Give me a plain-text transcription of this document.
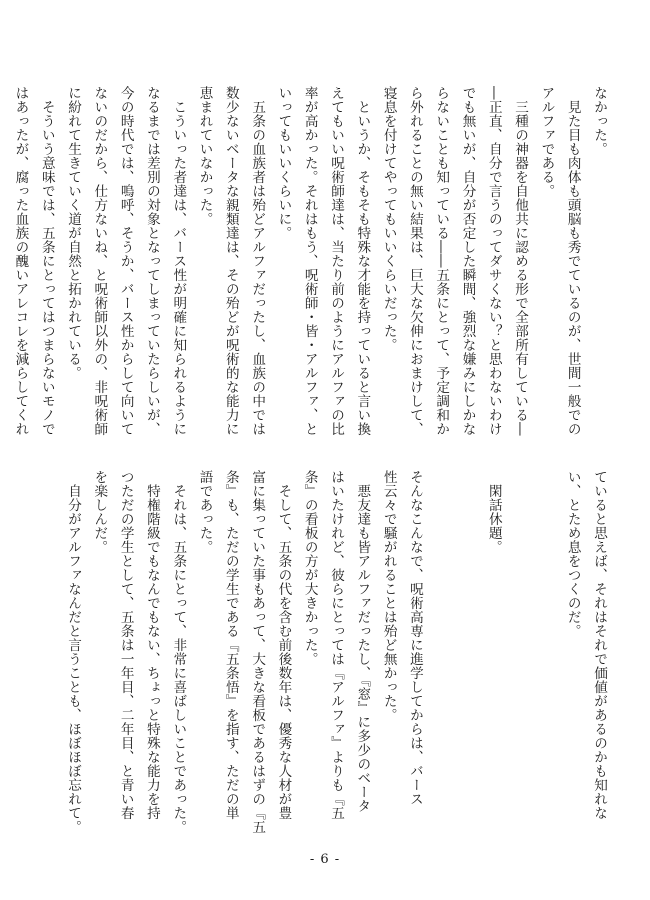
なかった。
　見た目も肉体も頭脳も秀でているのが、世間一般での
アルファである。
　三種の神器を自他共に認める形で全部所有している―
―正直、自分で言うのってダサくない？と思わないわけ
でも無いが、自分が否定した瞬間、強烈な嫌みにしかな
らないことも知っている――五条にとって、予定調和か
ら外れることの無い結果は、巨大な欠伸におまけして、
寝息を付けてやってもいいくらいだった。
　というか、そもそも特殊な才能を持っていると言い換
えてもいい呪術師達は、当たり前のようにアルファの比
率が高かった。それはもう、呪術師・皆・アルファ、と
いってもいいくらいに。
　五条の血族者は殆どアルファだったし、血族の中では
数少ないベータな親類達は、その殆どが呪術的な能力に
恵まれていなかった。
　こういった者達は、バース性が明確に知られるように
なるまでは差別の対象となってしまっていたらしいが、
今の時代では、嗚呼、そうか、バース性からして向いて
ないのだから、仕方ないね、と呪術師以外の、非呪術師
に紛れて生きていく道が自然と拓かれている。
　そういう意味では、五条にとってはつまらないモノで
はあったが、腐った血族の醜いアレコレを減らしてくれ
ていると思えば、それはそれで価値があるのかも知れな
い、とため息をつくのだ。

　閑話休題。

そんなこんなで、呪術高専に進学してからは、バース
性云々で騒がれることは殆ど無かった。
　悪友達も皆アルファだったし、『窓』に多少のベータ
はいたけれど、彼らにとっては『アルファ』よりも『五
条』の看板の方が大きかった。
　そして、五条の代を含む前後数年は、優秀な人材が豊
富に集っていた事もあって、大きな看板であるはずの『五
条』も、ただの学生である『五条悟』を指す、ただの単
語であった。
　それは、五条にとって、非常に喜ばしいことであった。
　特権階級でもなんでもない、ちょっと特殊な能力を持
つただの学生として、五条は一年目、二年目、と青い春
を楽しんだ。
　自分がアルファなんだと言うことも、ほぼほぼ忘れて。
- 6 -
